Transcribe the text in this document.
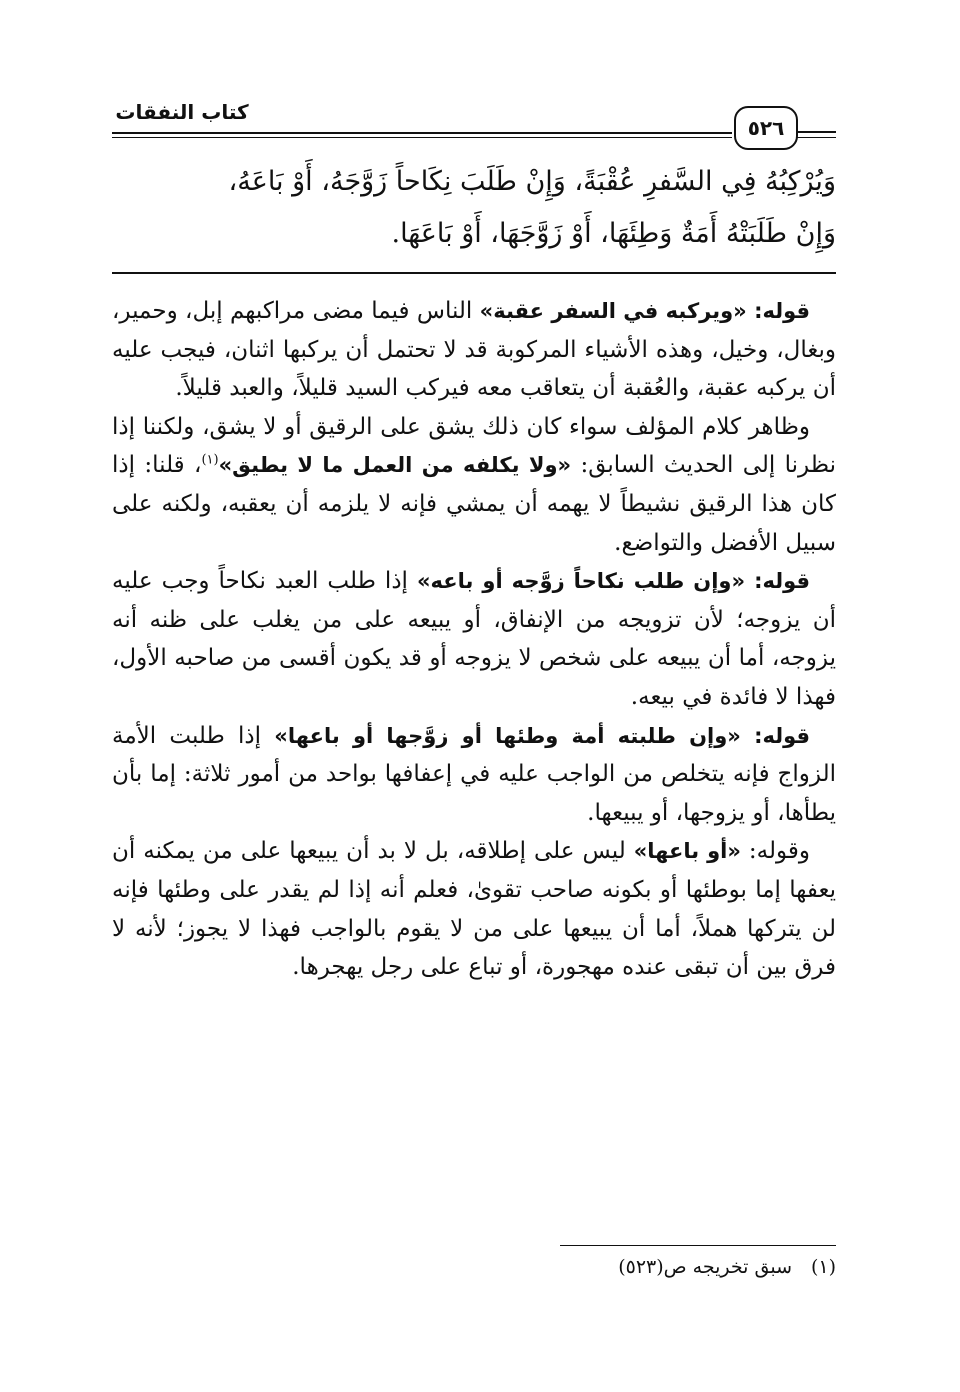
كتاب النفقات
٥٢٦

وَيُرْكِبُهُ فِي السَّفرِ عُقْبَةً، وَإِنْ طَلَبَ نِكَاحاً زَوَّجَهُ، أَوْ بَاعَهُ،

وَإِنْ طَلَبَتْهُ أَمَةٌ وَطِئَهَا، أَوْ زَوَّجَهَا، أَوْ بَاعَهَا.

قوله: «ويركبه في السفر عقبة» الناس فيما مضى مراكبهم إبل، وحمير، وبغال، وخيل، وهذه الأشياء المركوبة قد لا تحتمل أن يركبها اثنان، فيجب عليه أن يركبه عقبة، والعُقبة أن يتعاقب معه فيركب السيد قليلاً، والعبد قليلاً.

وظاهر كلام المؤلف سواء كان ذلك يشق على الرقيق أو لا يشق، ولكننا إذا نظرنا إلى الحديث السابق: «ولا يكلفه من العمل ما لا يطيق»$^{(١)}$، قلنا: إذا كان هذا الرقيق نشيطاً لا يهمه أن يمشي فإنه لا يلزمه أن يعقبه، ولكنه على سبيل الأفضل والتواضع.

قوله: «وإن طلب نكاحاً زوَّجه أو باعه» إذا طلب العبد نكاحاً وجب عليه أن يزوجه؛ لأن تزويجه من الإنفاق، أو يبيعه على من يغلب على ظنه أنه يزوجه، أما أن يبيعه على شخص لا يزوجه أو قد يكون أقسى من صاحبه الأول، فهذا لا فائدة في بيعه.

قوله: «وإن طلبته أمة وطئها أو زوَّجها أو باعها» إذا طلبت الأمة الزواج فإنه يتخلص من الواجب عليه في إعفافها بواحد من أمور ثلاثة: إما بأن يطأها، أو يزوجها، أو يبيعها.

وقوله: «أو باعها» ليس على إطلاقه، بل لا بد أن يبيعها على من يمكنه أن يعفها إما بوطئها أو بكونه صاحب تقوىٰ، فعلم أنه إذا لم يقدر على وطئها فإنه لن يتركها هملاً، أما أن يبيعها على من لا يقوم بالواجب فهذا لا يجوز؛ لأنه لا فرق بين أن تبقى عنده مهجورة، أو تباع على رجل يهجرها.

(١)سبق تخريجه ص(٥٢٣)
